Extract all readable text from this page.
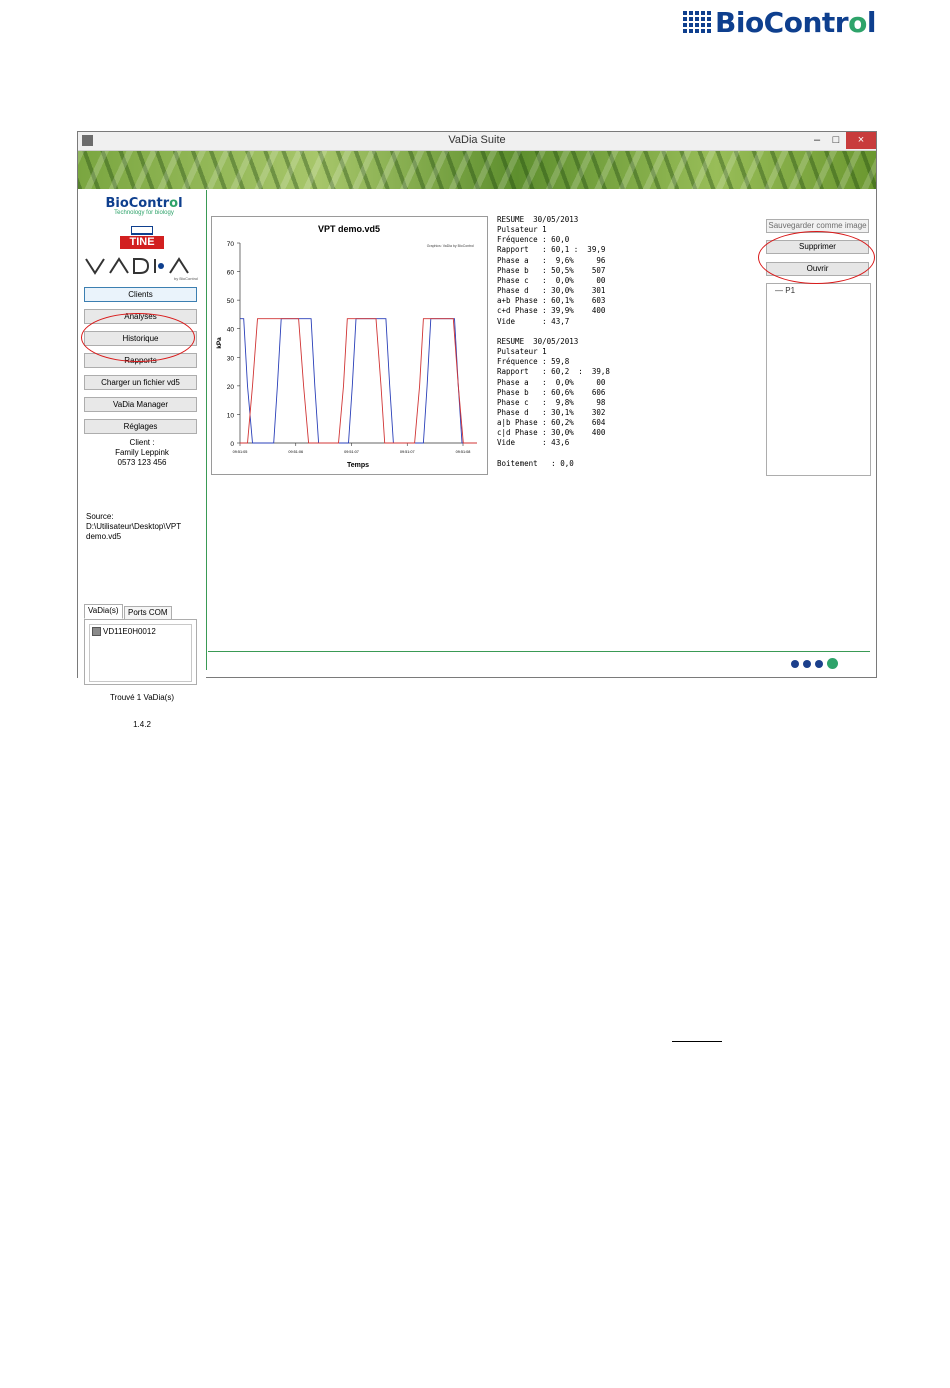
BioControl
VaDia Suite	–	□	×
BioControl
Technology for biology
TINE
by BioControl
Clients
Analyses
Historique
Rapports
Charger un fichier vd5
VaDia Manager
Réglages
Client :
Family Leppink
0573 123 456
Source:
D:\Utilisateur\Desktop\VPT
demo.vd5
VaDia(s)	Ports COM
VD11E0H0012
Trouvé 1 VaDia(s)
1.4.2
VPT demo.vd5
Graphics: VaDia by BioControl
0
10
20
30
40
50
60
70
09:51:05	09:51:06	09:51:07	09:51:07	09:51:08
Temps
kPa
RESUME  30/05/2013
Pulsateur 1
Fréquence : 60,0
Rapport   : 60,1 :  39,9
Phase a   :  9,6%     96
Phase b   : 50,5%    507
Phase c   :  0,0%     00
Phase d   : 30,0%    301
a+b Phase : 60,1%    603
c+d Phase : 39,9%    400
Vide      : 43,7

RESUME  30/05/2013
Pulsateur 1
Fréquence : 59,8
Rapport   : 60,2  :  39,8
Phase a   :  0,0%     00
Phase b   : 60,6%    606
Phase c   :  9,8%     98
Phase d   : 30,1%    302
a|b Phase : 60,2%    604
c|d Phase : 30,0%    400
Vide      : 43,6

Boitement   : 0,0
Sauvegarder comme image
Supprimer
Ouvrir
— P1
